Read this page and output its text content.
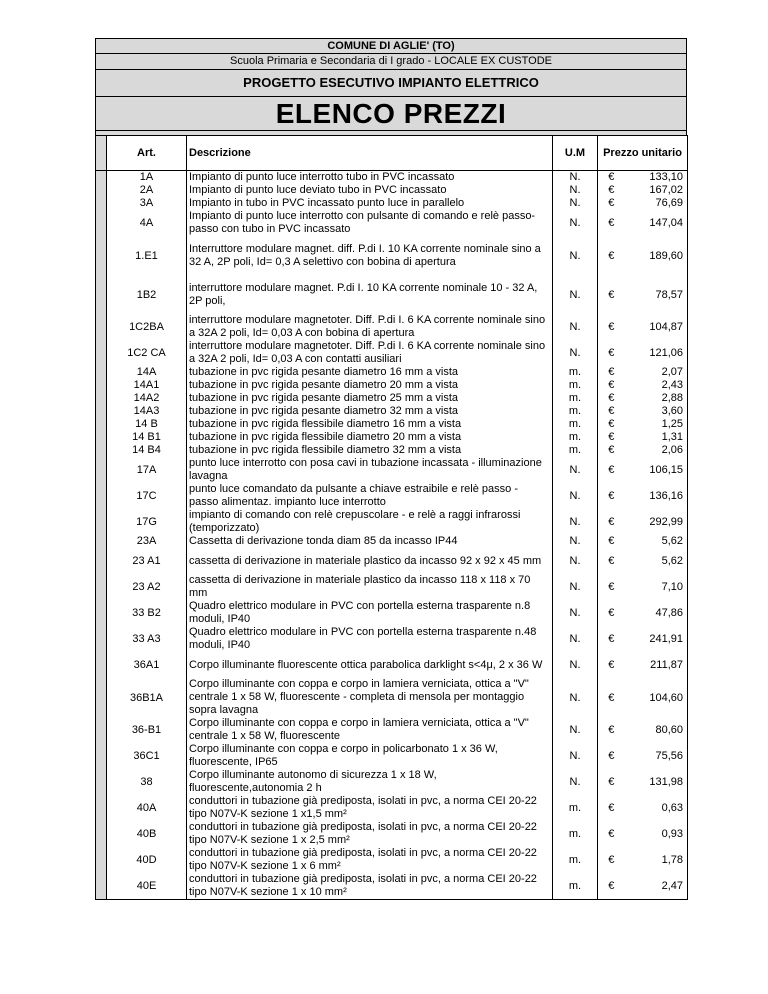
COMUNE DI AGLIE' (TO)
Scuola Primaria e Secondaria di I grado - LOCALE EX CUSTODE
PROGETTO ESECUTIVO IMPIANTO ELETTRICO
ELENCO PREZZI
	Art.	Descrizione	U.M	Prezzo unitario	
	1A	Impianto di punto luce interrotto tubo in PVC incassato	N.	€	133,10
	2A	Impianto di punto luce deviato tubo in PVC incassato	N.	€	167,02
	3A	Impianto in tubo in PVC incassato punto luce in parallelo	N.	€	76,69
	4A	Impianto di punto luce interrotto con pulsante di comando e relè passo-passo con tubo in PVC incassato	N.	€	147,04
	1.E1	Interruttore modulare magnet. diff. P.di I. 10 KA corrente nominale sino a 32 A, 2P poli, Id= 0,3 A selettivo con bobina di apertura	N.	€	189,60
	1B2	interruttore modulare magnet. P.di I. 10 KA corrente nominale 10 - 32 A, 2P poli,	N.	€	78,57
	1C2BA	interruttore modulare magnetoter. Diff. P.di I. 6 KA corrente nominale sino a 32A 2 poli, Id= 0,03 A con bobina di apertura	N.	€	104,87
	1C2 CA	interruttore modulare magnetoter. Diff. P.di I. 6 KA corrente nominale sino a 32A 2 poli, Id= 0,03 A con contatti ausiliari	N.	€	121,06
	14A	tubazione in pvc rigida pesante diametro 16 mm a vista	m.	€	2,07
	14A1	tubazione in pvc rigida pesante diametro 20 mm a vista	m.	€	2,43
	14A2	tubazione in pvc rigida pesante diametro 25 mm a vista	m.	€	2,88
	14A3	tubazione in pvc rigida pesante diametro 32 mm a vista	m.	€	3,60
	14 B	tubazione in pvc rigida flessibile diametro 16 mm a vista	m.	€	1,25
	14 B1	tubazione in pvc rigida flessibile diametro 20 mm a vista	m.	€	1,31
	14 B4	tubazione in pvc rigida flessibile diametro 32 mm a vista	m.	€	2,06
	17A	punto luce interrotto con posa cavi in tubazione incassata - illuminazione lavagna	N.	€	106,15
	17C	punto luce comandato da pulsante a chiave estraibile e relè passo - passo alimentaz. impianto luce interrotto	N.	€	136,16
	17G	impianto di comando con relè crepuscolare - e relè a raggi infrarossi (temporizzato)	N.	€	292,99
	23A	Cassetta di derivazione tonda diam 85 da incasso IP44	N.	€	5,62
	23 A1	cassetta di derivazione in materiale plastico da incasso 92 x 92 x 45 mm	N.	€	5,62
	23 A2	cassetta di derivazione in materiale plastico da incasso 118 x 118 x 70 mm	N.	€	7,10
	33 B2	Quadro elettrico modulare in PVC con portella esterna trasparente n.8 moduli, IP40	N.	€	47,86
	33 A3	Quadro elettrico modulare in PVC con portella esterna trasparente n.48 moduli, IP40	N.	€	241,91
	36A1	Corpo illuminante fluorescente ottica parabolica darklight s<4μ, 2 x 36 W	N.	€	211,87
	36B1A	Corpo illuminante con coppa e corpo in lamiera verniciata, ottica a "V" centrale 1 x 58 W, fluorescente - completa di mensola per montaggio sopra lavagna	N.	€	104,60
	36-B1	Corpo illuminante con coppa e corpo in lamiera verniciata, ottica a "V" centrale 1 x 58 W, fluorescente	N.	€	80,60
	36C1	Corpo illuminante con coppa e corpo in policarbonato 1 x 36 W, fluorescente, IP65	N.	€	75,56
	38	Corpo illuminante autonomo di sicurezza 1 x 18 W, fluorescente,autonomia 2 h	N.	€	131,98
	40A	conduttori in tubazione già prediposta, isolati in pvc, a norma CEI 20-22 tipo N07V-K sezione 1 x1,5 mm²	m.	€	0,63
	40B	conduttori in tubazione già prediposta, isolati in pvc, a norma CEI 20-22 tipo N07V-K sezione 1 x 2,5 mm²	m.	€	0,93
	40D	conduttori in tubazione già prediposta, isolati in pvc, a norma CEI 20-22 tipo N07V-K sezione 1 x 6 mm²	m.	€	1,78
	40E	conduttori in tubazione già prediposta, isolati in pvc, a norma CEI 20-22 tipo N07V-K sezione 1 x 10 mm²	m.	€	2,47
